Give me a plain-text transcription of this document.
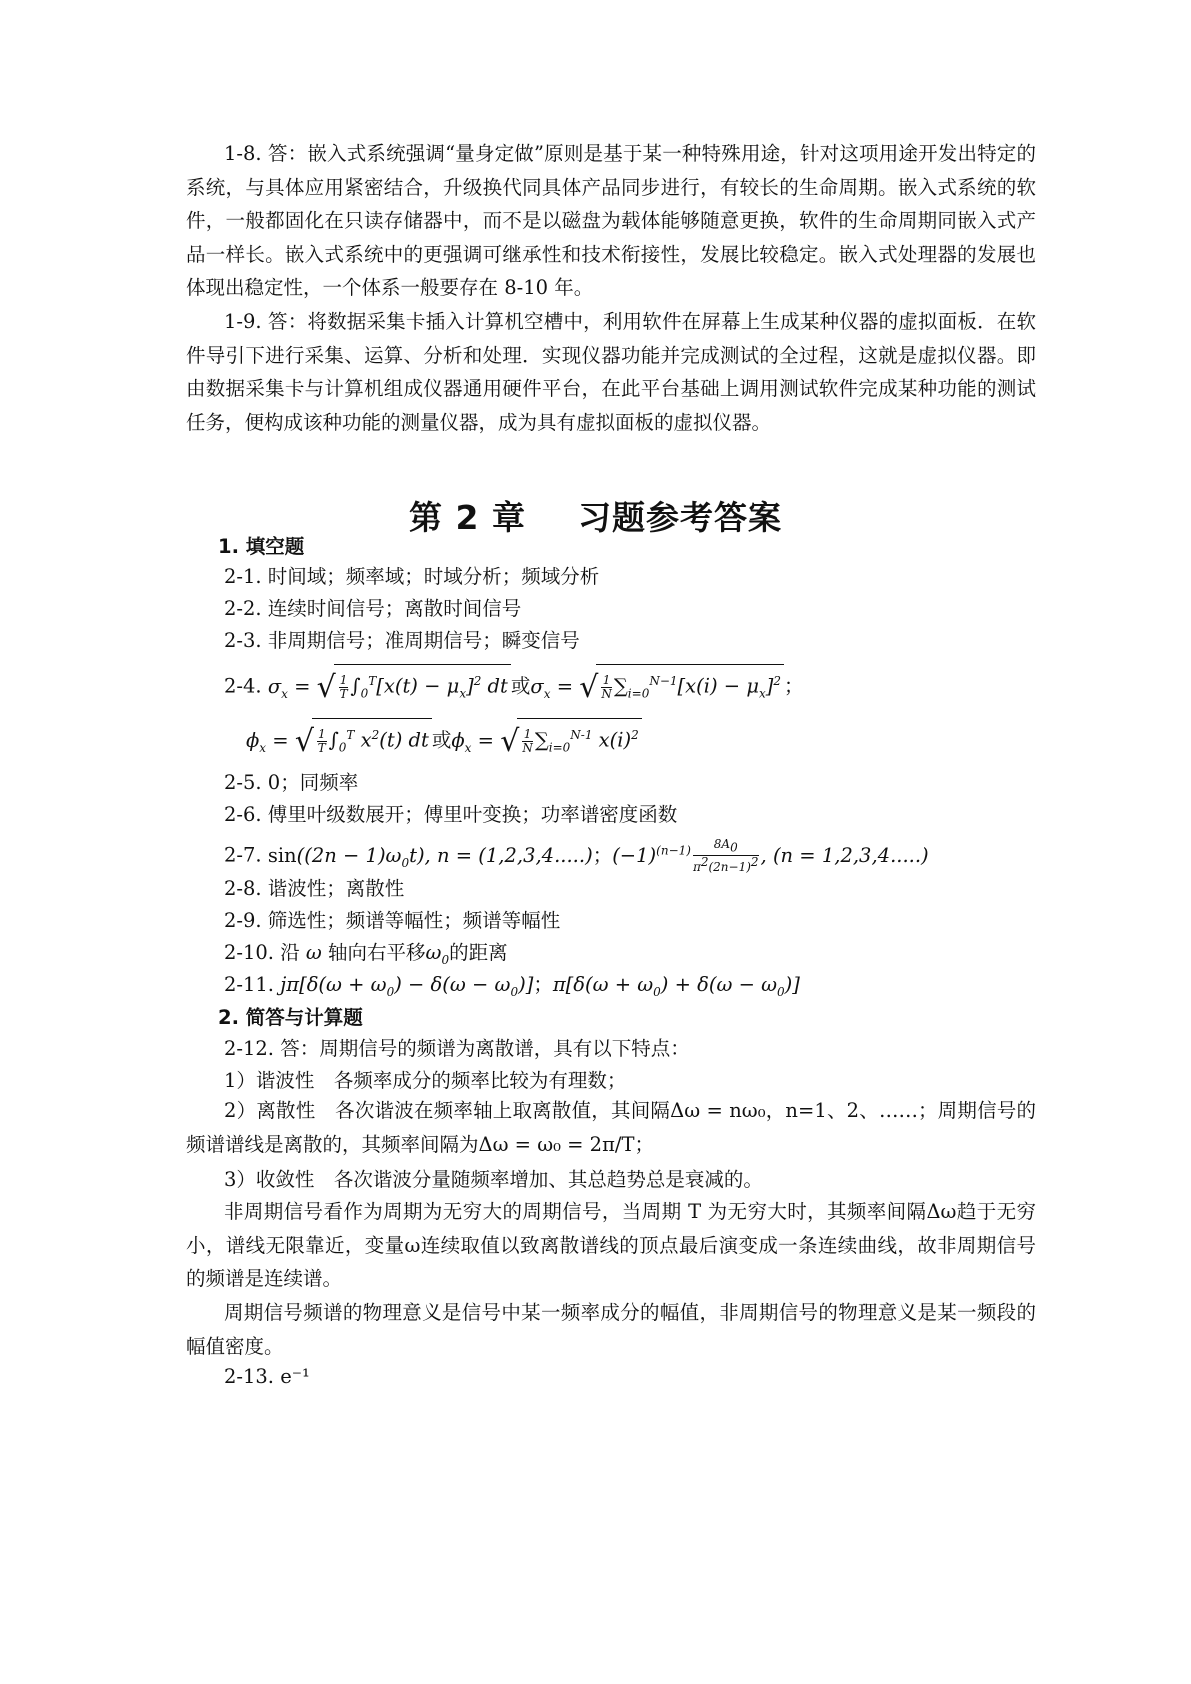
1-8. 答：嵌入式系统强调“量身定做”原则是基于某一种特殊用途，针对这项用途开发出特定的系统，与具体应用紧密结合，升级换代同具体产品同步进行，有较长的生命周期。嵌入式系统的软件，一般都固化在只读存储器中，而不是以磁盘为载体能够随意更换，软件的生命周期同嵌入式产品一样长。嵌入式系统中的更强调可继承性和技术衔接性，发展比较稳定。嵌入式处理器的发展也体现出稳定性，一个体系一般要存在 8-10 年。

1-9. 答：将数据采集卡插入计算机空槽中，利用软件在屏幕上生成某种仪器的虚拟面板．在软件导引下进行采集、运算、分析和处理．实现仪器功能并完成测试的全过程，这就是虚拟仪器。即由数据采集卡与计算机组成仪器通用硬件平台，在此平台基础上调用测试软件完成某种功能的测试任务，便构成该种功能的测量仪器，成为具有虚拟面板的虚拟仪器。

第 2 章 习题参考答案
1. 填空题
2-1. 时间域；频率域；时域分析；频域分析
2-2. 连续时间信号；离散时间信号
2-3. 非周期信号；准周期信号；瞬变信号
2-4. $\sigma_x$ = √ $\frac{1}{T} \int_0^T[x(t) - \mu_x]^2$ dt 或$\sigma_x$ = √ $\frac{1}{N} \sum_{i=0}^{N-1}[x(i) - \mu_x]^2$ ；
$\phi_x$ = √ $\frac{1}{T} \int_0^T$ $x^2(t)$ dt 或$\phi_x$ = √ $\frac{1}{N} \sum_{i=0}^{N-1}$ $x(i)^2$
2-5. 0；同频率
2-6. 傅里叶级数展开；傅里叶变换；功率谱密度函数
2-7. $\sin((2n - 1)\omega_0t)$, n = (1,2,3,4.....)；$(-1)^{(n-1)} \frac{8A_0}{\pi^2(2n-1)^2}$ , (n = 1,2,3,4.....)
2-8. 谐波性；离散性
2-9. 筛选性；频谱等幅性；频谱等幅性
2-10. 沿 ω 轴向右平移$\omega_0$的距离
2-11. $j\pi[\delta(\omega + \omega_0) - \delta(\omega - \omega_0)]$；$\pi[\delta(\omega + \omega_0) + \delta(\omega - \omega_0)]$
2. 简答与计算题
2-12. 答：周期信号的频谱为离散谱，具有以下特点：
1）谐波性　各频率成分的频率比较为有理数；

2）离散性　各次谐波在频率轴上取离散值，其间隔Δω = nω₀，n=1、2、……；周期信号的频谱谱线是离散的，其频率间隔为Δω = ω₀ = 2π/T；

3）收敛性　各次谐波分量随频率增加、其总趋势总是衰减的。

非周期信号看作为周期为无穷大的周期信号，当周期 T 为无穷大时，其频率间隔Δω趋于无穷小，谱线无限靠近，变量ω连续取值以致离散谱线的顶点最后演变成一条连续曲线，故非周期信号的频谱是连续谱。

周期信号频谱的物理意义是信号中某一频率成分的幅值，非周期信号的物理意义是某一频段的幅值密度。

2-13. e⁻¹
